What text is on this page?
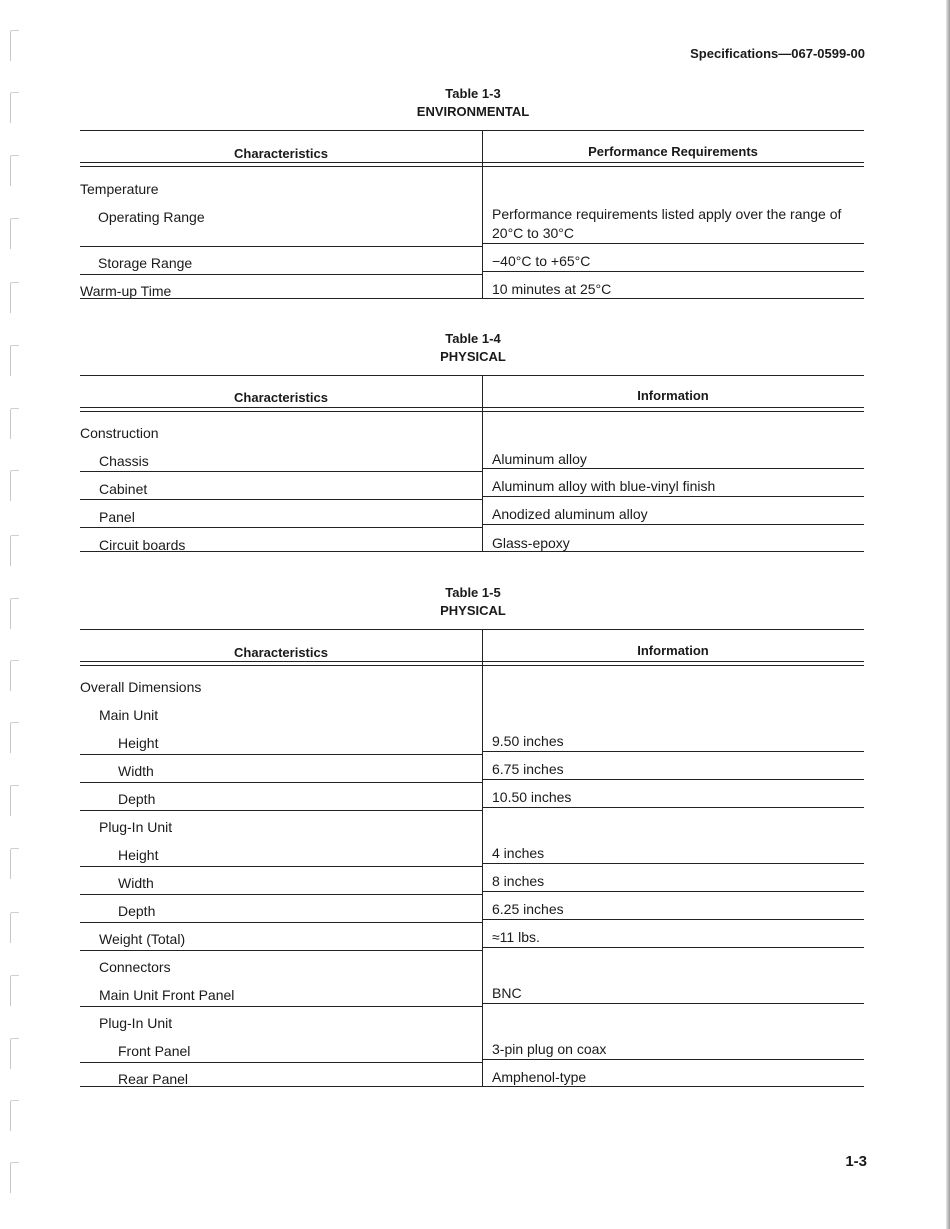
Specifications—067-0599-00
Table 1-3
ENVIRONMENTAL
Characteristics	Performance Requirements
Temperature
Operating Range	Performance requirements listed apply over the range of
20°C to 30°C
Storage Range	−40°C to +65°C
Warm-up Time	10 minutes at 25°C
Table 1-4
PHYSICAL
Characteristics	Information
Construction
Chassis	Aluminum alloy
Cabinet	Aluminum alloy with blue-vinyl finish
Panel	Anodized aluminum alloy
Circuit boards	Glass-epoxy
Table 1-5
PHYSICAL
Characteristics	Information
Overall Dimensions
Main Unit
Height	9.50 inches
Width	6.75 inches
Depth	10.50 inches
Plug-In Unit
Height	4 inches
Width	8 inches
Depth	6.25 inches
Weight (Total)	≈11 lbs.
Connectors
Main Unit Front Panel	BNC
Plug-In Unit
Front Panel	3-pin plug on coax
Rear Panel	Amphenol-type
1-3
